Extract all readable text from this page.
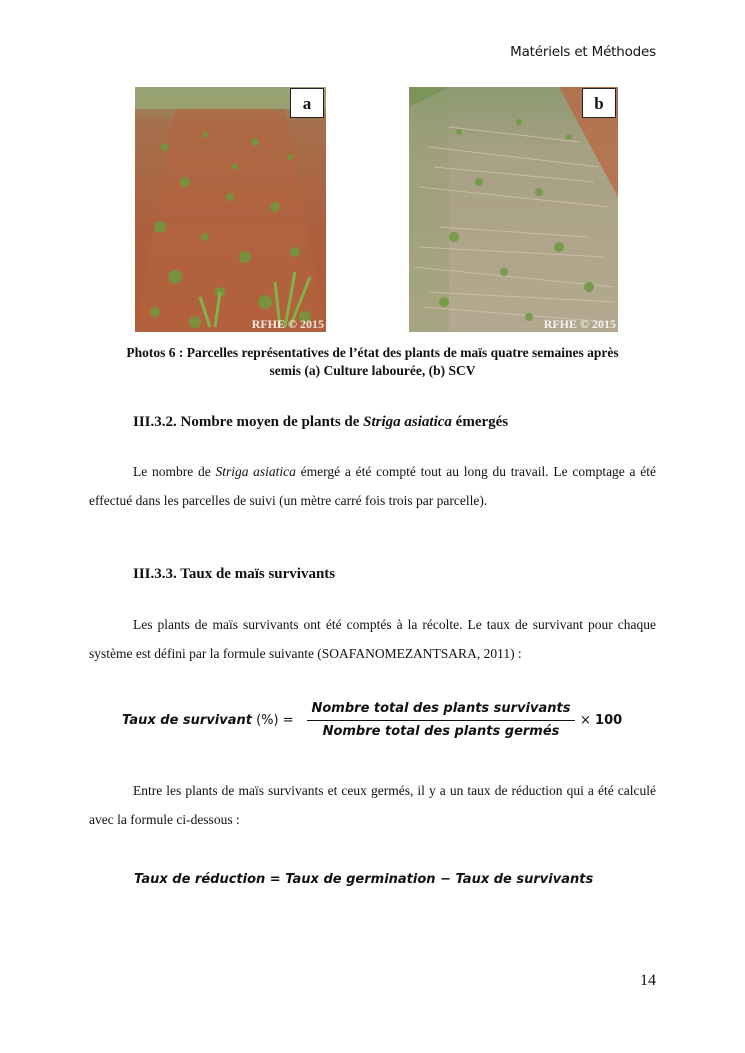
Matériels et Méthodes
RFHE © 2015
a
RFHE © 2015
b
Photos 6 : Parcelles représentatives de l’état des plants de maïs quatre semaines après
semis (a) Culture labourée, (b) SCV
III.3.2. Nombre moyen de plants de Striga asiatica émergés
Le nombre de Striga asiatica émergé a été compté tout au long du travail. Le comptage a été effectué dans les parcelles de suivi (un mètre carré fois trois par parcelle).
III.3.3. Taux de maïs survivants
Les plants de maïs survivants ont été comptés à la récolte. Le taux de survivant pour chaque système est défini par la formule suivante (SOAFANOMEZANTSARA, 2011) :
Taux de survivant (%) =
Nombre total des plants survivants
Nombre total des plants germés
× 100
Entre les plants de maïs survivants et ceux germés, il y a un taux de réduction qui a été calculé avec la formule ci-dessous :
Taux de réduction = Taux de germination − Taux de survivants
14
